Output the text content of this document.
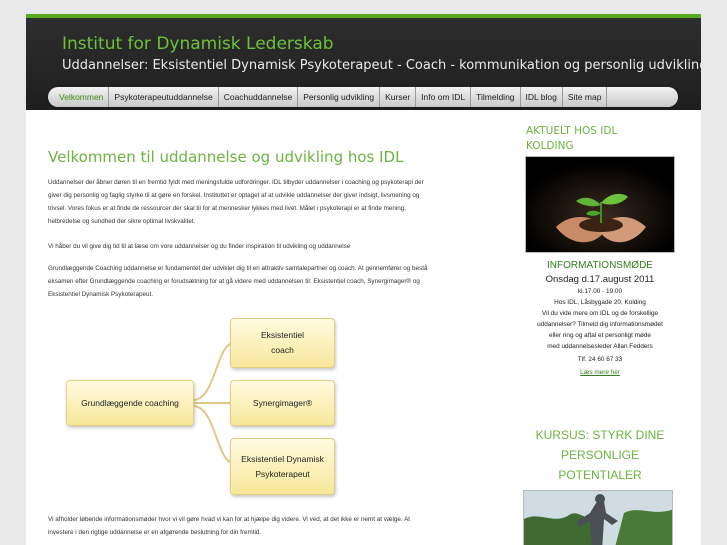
Institut for Dynamisk Lederskab
Uddannelser: Eksistentiel Dynamisk Psykoterapeut - Coach - kommunikation og personlig udvikling
Velkommen til uddannelse og udvikling hos IDL
Uddannelser der åbner døren til en fremtid fyldt med meningsfulde udfordringer. IDL tilbyder uddannelser i coaching og psykoterapi der
giver dig personlig og faglig styrke til at gøre en forskel. Instituttet er optaget af at udvikle uddannelser der giver indsigt, livsmening og
trivsel. Vores fokus er at finde de ressourcer der skal til for at mennesker lykkes med livet. Målet i psykoterapi er at finde mening,
helbredelse og sundhed der sikre optimal livskvalitet.
Vi håber du vil give dig tid til at læse om vore uddannelser og du finder inspiration til udvikling og uddannelse
Grundlæggende Coaching uddannelse er fundamentet der udvikler dig til en attraktiv samtalepartner og coach. At gennemfører og bestå
eksamen efter Grundlæggende coaching er forudsætning for at gå videre med uddannelsen til: Eksistentiel coach, Synergimager® og
Eksistentiel Dynamisk Psykoterapeut.
Grundlæggende coaching
Eksistentiel coach
Synergimager®
Eksistentiel Dynamisk Psykoterapeut
Vi afholder løbende informationsmøder hvor vi vil gøre hvad vi kan for at hjælpe dig videre. Vi ved, at det ikke er nemt at vælge. At
investere i den rigtige uddannelse er en afgørende beslutning for din fremtid.
AKTUELT HOS IDL
KOLDING
INFORMATIONSMØDE
Onsdag d.17.august 2011
kl.17.00 - 19.00
Hos IDL, Låsbygade 20, Kolding
Vil du vide mere om IDL og de forskellige
uddannelser? Tilmeld dig informationsmødet
eller ring og aftal et personligt møde
med uddannelsesleder Allan Fedders
Tlf. 24 60 67 33
Læs mere her
KURSUS: STYRK DINE
PERSONLIGE
POTENTIALER
Velkommen	Psykoterapeutuddannelse	Coachuddannelse	Personlig udvikling	Kurser	Info om IDL	Tilmelding	IDL blog	Site map
